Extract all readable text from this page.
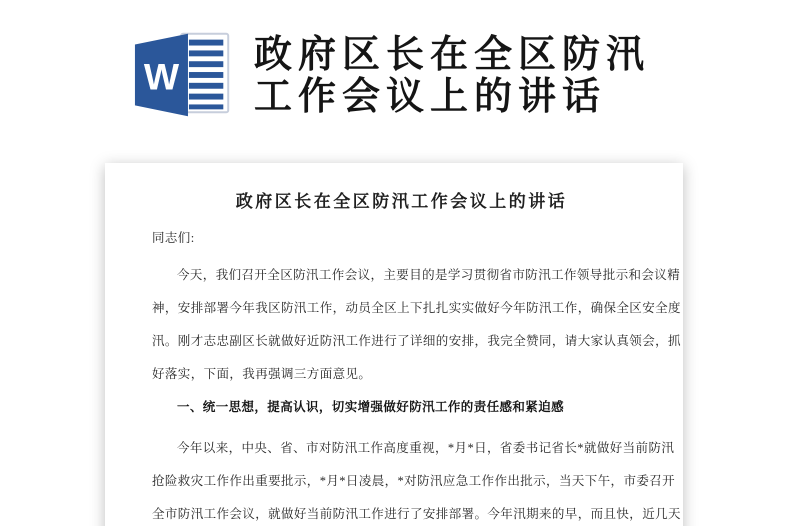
W
政府区长在全区防汛
工作会议上的讲话
政府区长在全区防汛工作会议上的讲话
同志们:
今天，我们召开全区防汛工作会议，主要目的是学习贯彻省市防汛工作领导批示和会议精
神，安排部署今年我区防汛工作，动员全区上下扎扎实实做好今年防汛工作，确保全区安全度
汛。刚才志忠副区长就做好近防汛工作进行了详细的安排，我完全赞同，请大家认真领会，抓
好落实，下面，我再强调三方面意见。
一、统一思想，提高认识，切实增强做好防汛工作的责任感和紧迫感
今年以来，中央、省、市对防汛工作高度重视，*月*日，省委书记省长*就做好当前防汛
抢险救灾工作作出重要批示，*月*日凌晨，*对防汛应急工作作出批示，当天下午，市委召开
全市防汛工作会议，就做好当前防汛工作进行了安排部署。今年汛期来的早，而且快，近几天
